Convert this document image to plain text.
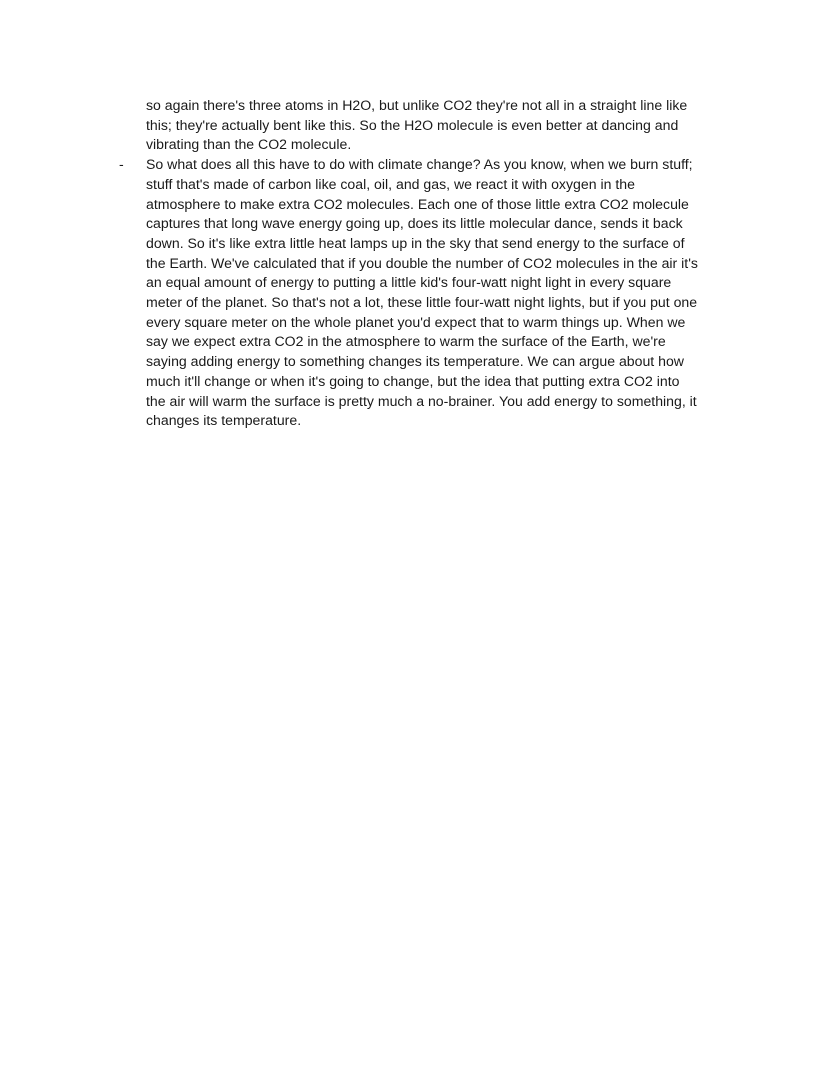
so again there's three atoms in H2O, but unlike CO2 they're not all in a straight line like
this; they're actually bent like this. So the H2O molecule is even better at dancing and
vibrating than the CO2 molecule.

- So what does all this have to do with climate change? As you know, when we burn stuff;
stuff that's made of carbon like coal, oil, and gas, we react it with oxygen in the
atmosphere to make extra CO2 molecules. Each one of those little extra CO2 molecule
captures that long wave energy going up, does its little molecular dance, sends it back
down. So it's like extra little heat lamps up in the sky that send energy to the surface of
the Earth. We've calculated that if you double the number of CO2 molecules in the air it's
an equal amount of energy to putting a little kid's four-watt night light in every square
meter of the planet. So that's not a lot, these little four-watt night lights, but if you put one
every square meter on the whole planet you'd expect that to warm things up. When we
say we expect extra CO2 in the atmosphere to warm the surface of the Earth, we're
saying adding energy to something changes its temperature. We can argue about how
much it'll change or when it's going to change, but the idea that putting extra CO2 into
the air will warm the surface is pretty much a no-brainer. You add energy to something, it
changes its temperature.
